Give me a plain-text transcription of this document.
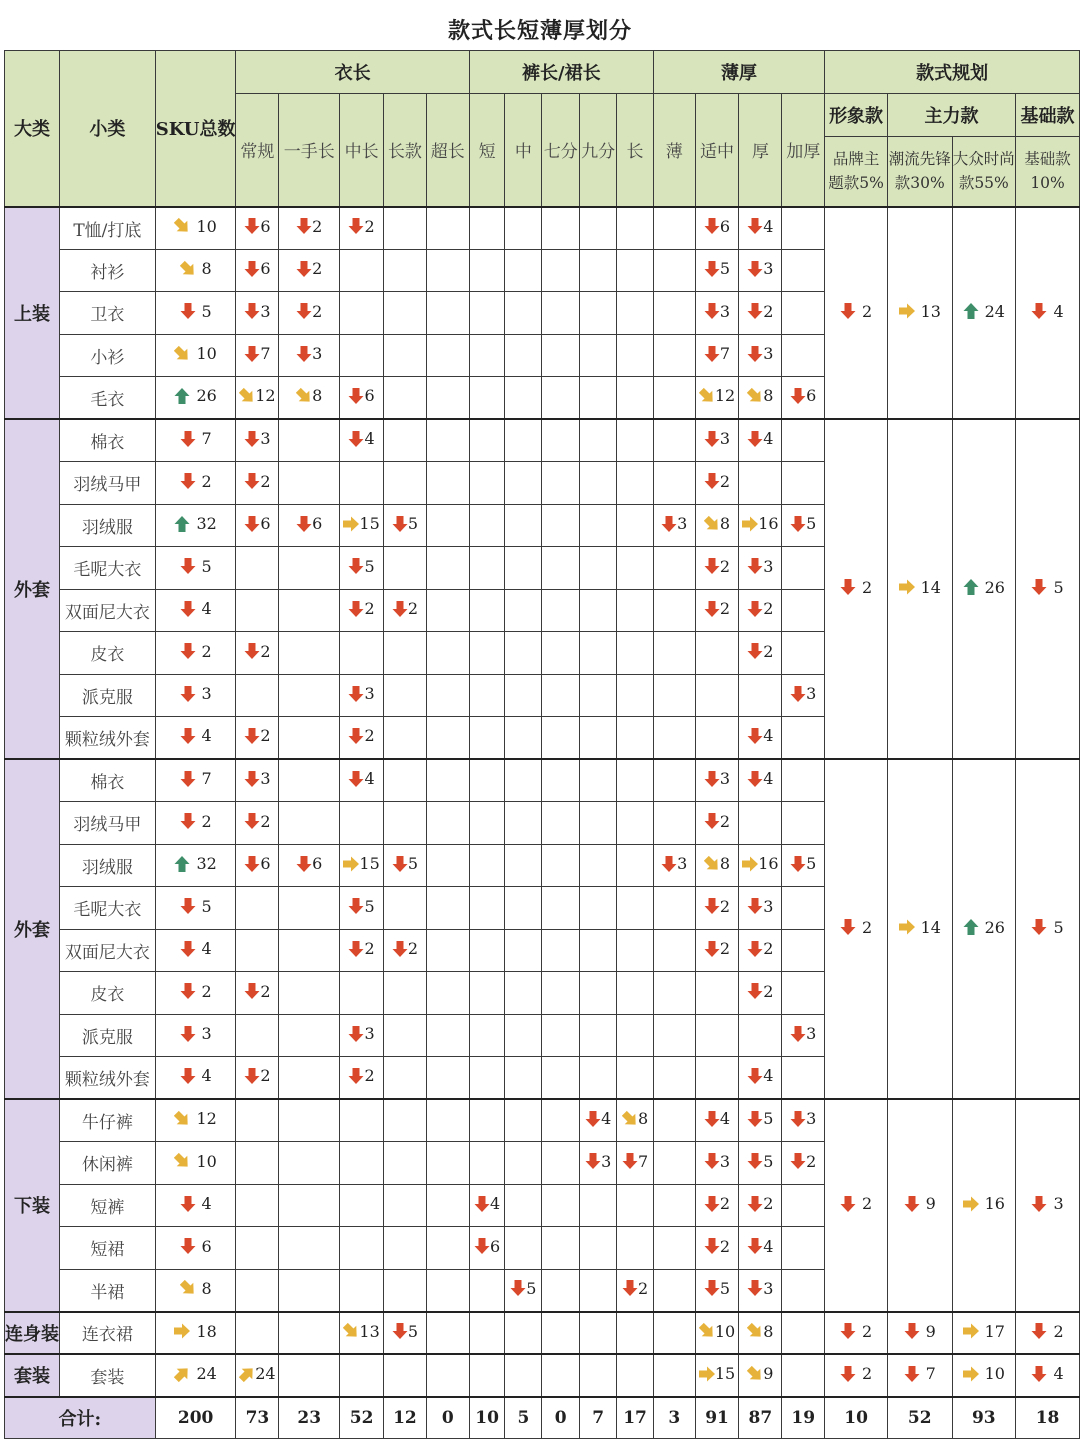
款式长短薄厚划分
大类	小类	SKU总数	衣长					裤长/裙长					薄厚				款式规划			
			常规	一手长	中长	长款	超长	短	中	七分	九分	长	薄	适中	厚	加厚	形象款	主力款		基础款
																	品牌主题款5%	潮流先锋款30%	大众时尚款55%	基础款10%
上装	T恤/打底	10	6	2	2									6	4		2	13	24	4

	衬衫	8	6	2										5	3					

	卫衣	5	3	2										3	2					

	小衫	10	7	3										7	3					

	毛衣	26	12	8	6									12	8	6				

外套	棉衣	7	3		4									3	4		2	14	26	5

	羽绒马甲	2	2											2						

	羽绒服	32	6	6	15	5							3	8	16	5				

	毛呢大衣	5			5									2	3					

	双面尼大衣	4			2	2								2	2					

	皮衣	2	2												2					

	派克服	3			3											3				

	颗粒绒外套	4	2		2										4					

外套	棉衣	7	3		4									3	4		2	14	26	5

	羽绒马甲	2	2											2						

	羽绒服	32	6	6	15	5							3	8	16	5				

	毛呢大衣	5			5									2	3					

	双面尼大衣	4			2	2								2	2					

	皮衣	2	2												2					

	派克服	3			3											3				

	颗粒绒外套	4	2		2										4					

下装	牛仔裤	12									4	8		4	5	3	2	9	16	3

	休闲裤	10									3	7		3	5	2				

	短裤	4						4						2	2					

	短裙	6						6						2	4					

	半裙	8							5			2		5	3					

连身装	连衣裙	18			13	5								10	8		2	9	17	2

套装	套装	24	24											15	9		2	7	10	4

合计:		200	73	23	52	12	0	10	5	0	7	17	3	91	87	19	10	52	93	18
